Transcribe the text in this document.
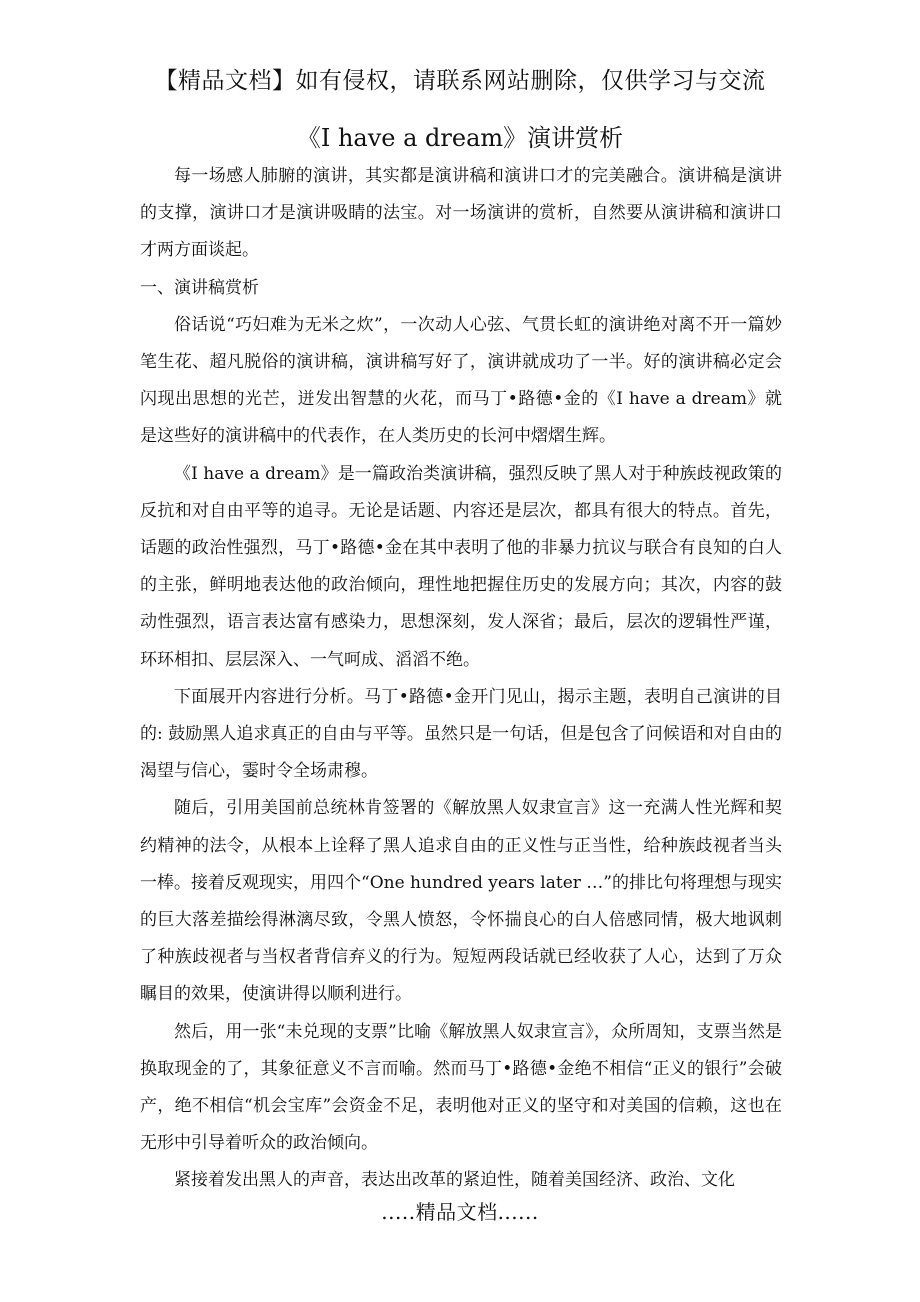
【精品文档】如有侵权，请联系网站删除，仅供学习与交流
《I have a dream》演讲赏析

每一场感人肺腑的演讲，其实都是演讲稿和演讲口才的完美融合。演讲稿是演讲的支撑，演讲口才是演讲吸睛的法宝。对一场演讲的赏析，自然要从演讲稿和演讲口才两方面谈起。

一、演讲稿赏析

俗话说“巧妇难为无米之炊”，一次动人心弦、气贯长虹的演讲绝对离不开一篇妙笔生花、超凡脱俗的演讲稿，演讲稿写好了，演讲就成功了一半。好的演讲稿必定会闪现出思想的光芒，迸发出智慧的火花，而马丁•路德•金的《I have a dream》就是这些好的演讲稿中的代表作，在人类历史的长河中熠熠生辉。

《I have a dream》是一篇政治类演讲稿，强烈反映了黑人对于种族歧视政策的反抗和对自由平等的追寻。无论是话题、内容还是层次，都具有很大的特点。首先，话题的政治性强烈，马丁•路德•金在其中表明了他的非暴力抗议与联合有良知的白人的主张，鲜明地表达他的政治倾向，理性地把握住历史的发展方向；其次，内容的鼓动性强烈，语言表达富有感染力，思想深刻，发人深省；最后，层次的逻辑性严谨，环环相扣、层层深入、一气呵成、滔滔不绝。

下面展开内容进行分析。马丁•路德•金开门见山，揭示主题，表明自己演讲的目的: 鼓励黑人追求真正的自由与平等。虽然只是一句话，但是包含了问候语和对自由的渴望与信心，霎时令全场肃穆。

随后，引用美国前总统林肯签署的《解放黑人奴隶宣言》这一充满人性光辉和契约精神的法令，从根本上诠释了黑人追求自由的正义性与正当性，给种族歧视者当头一棒。接着反观现实，用四个“One hundred years later …”的排比句将理想与现实的巨大落差描绘得淋漓尽致，令黑人愤怒，令怀揣良心的白人倍感同情，极大地讽刺了种族歧视者与当权者背信弃义的行为。短短两段话就已经收获了人心，达到了万众瞩目的效果，使演讲得以顺利进行。

然后，用一张“未兑现的支票”比喻《解放黑人奴隶宣言》，众所周知，支票当然是换取现金的了，其象征意义不言而喻。然而马丁•路德•金绝不相信“正义的银行”会破产，绝不相信“机会宝库”会资金不足，表明他对正义的坚守和对美国的信赖，这也在无形中引导着听众的政治倾向。

紧接着发出黑人的声音，表达出改革的紧迫性，随着美国经济、政治、文化

.....精品文档......
